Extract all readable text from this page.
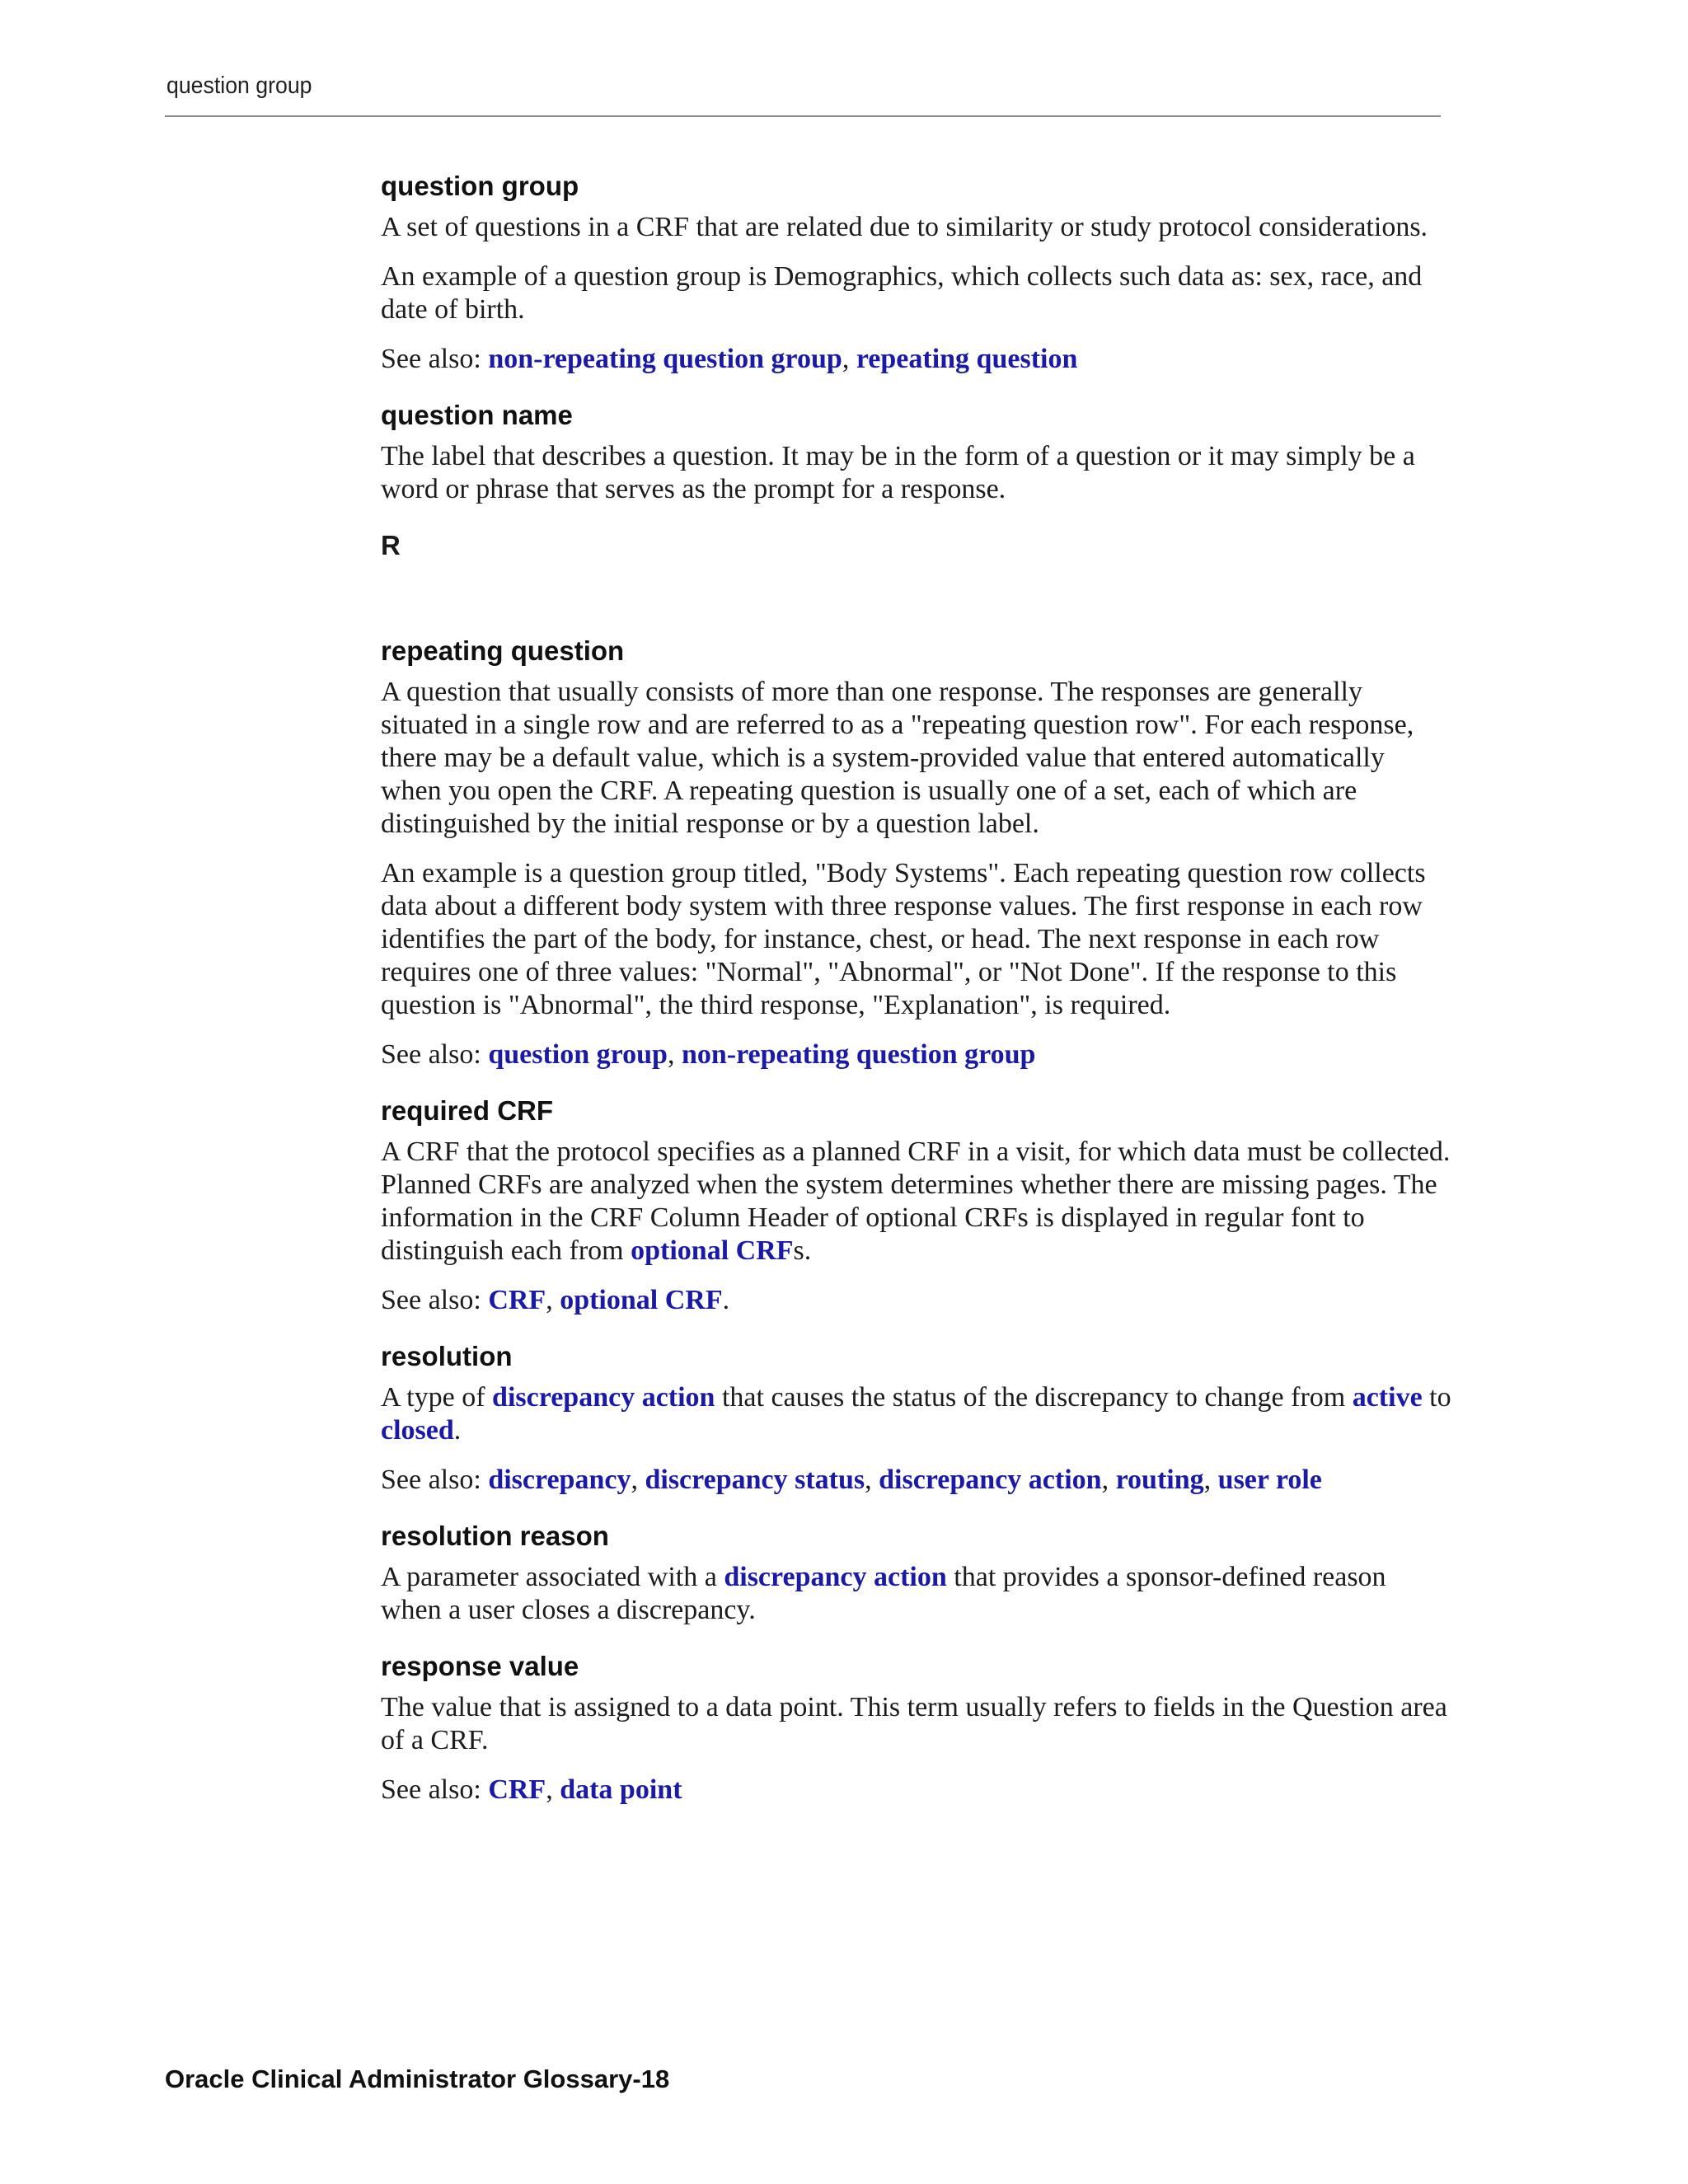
question group
question group

A set of questions in a CRF that are related due to similarity or study protocol considerations.

An example of a question group is Demographics, which collects such data as: sex, race, and date of birth.

See also: non-repeating question group, repeating question

question name

The label that describes a question. It may be in the form of a question or it may simply be a word or phrase that serves as the prompt for a response.

R
repeating question

A question that usually consists of more than one response. The responses are generally situated in a single row and are referred to as a "repeating question row". For each response, there may be a default value, which is a system-provided value that entered automatically when you open the CRF. A repeating question is usually one of a set, each of which are distinguished by the initial response or by a question label.

An example is a question group titled, "Body Systems". Each repeating question row collects data about a different body system with three response values. The first response in each row identifies the part of the body, for instance, chest, or head. The next response in each row requires one of three values: "Normal", "Abnormal", or "Not Done". If the response to this question is "Abnormal", the third response, "Explanation", is required.

See also: question group, non-repeating question group

required CRF

A CRF that the protocol specifies as a planned CRF in a visit, for which data must be collected. Planned CRFs are analyzed when the system determines whether there are missing pages. The information in the CRF Column Header of optional CRFs is displayed in regular font to distinguish each from optional CRFs.

See also: CRF, optional CRF.

resolution

A type of discrepancy action that causes the status of the discrepancy to change from active to closed.

See also: discrepancy, discrepancy status, discrepancy action, routing, user role

resolution reason

A parameter associated with a discrepancy action that provides a sponsor-defined reason when a user closes a discrepancy.

response value

The value that is assigned to a data point. This term usually refers to fields in the Question area of a CRF.

See also: CRF, data point

Oracle Clinical Administrator Glossary-18
